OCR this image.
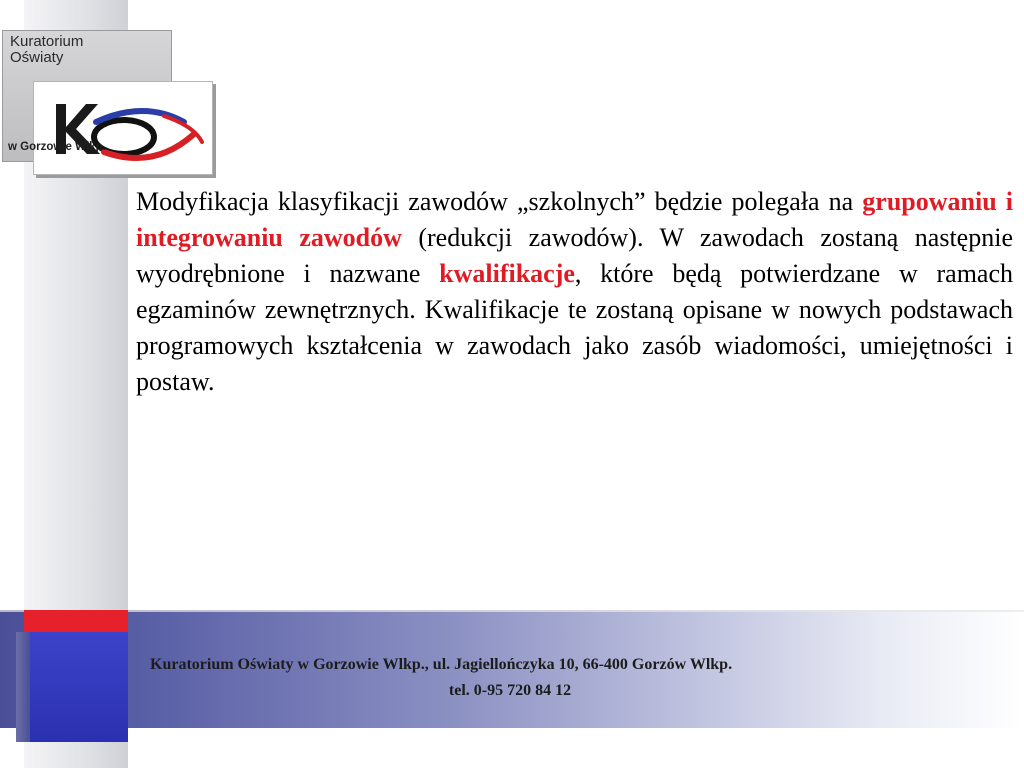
Kuratorium
Oświaty
w Gorzowie Wlkp.

Modyfikacja klasyfikacji zawodów „szkolnych” będzie polegała na grupowaniu i integrowaniu zawodów (redukcji zawodów). W zawodach zostaną następnie wyodrębnione i nazwane kwalifikacje, które będą potwierdzane w ramach egzaminów zewnętrznych. Kwalifikacje te zostaną opisane w nowych podstawach programowych kształcenia w zawodach jako zasób wiadomości, umiejętności i postaw.

Kuratorium Oświaty w Gorzowie Wlkp., ul. Jagiellończyka 10, 66-400 Gorzów Wlkp.
tel. 0-95 720 84 12
